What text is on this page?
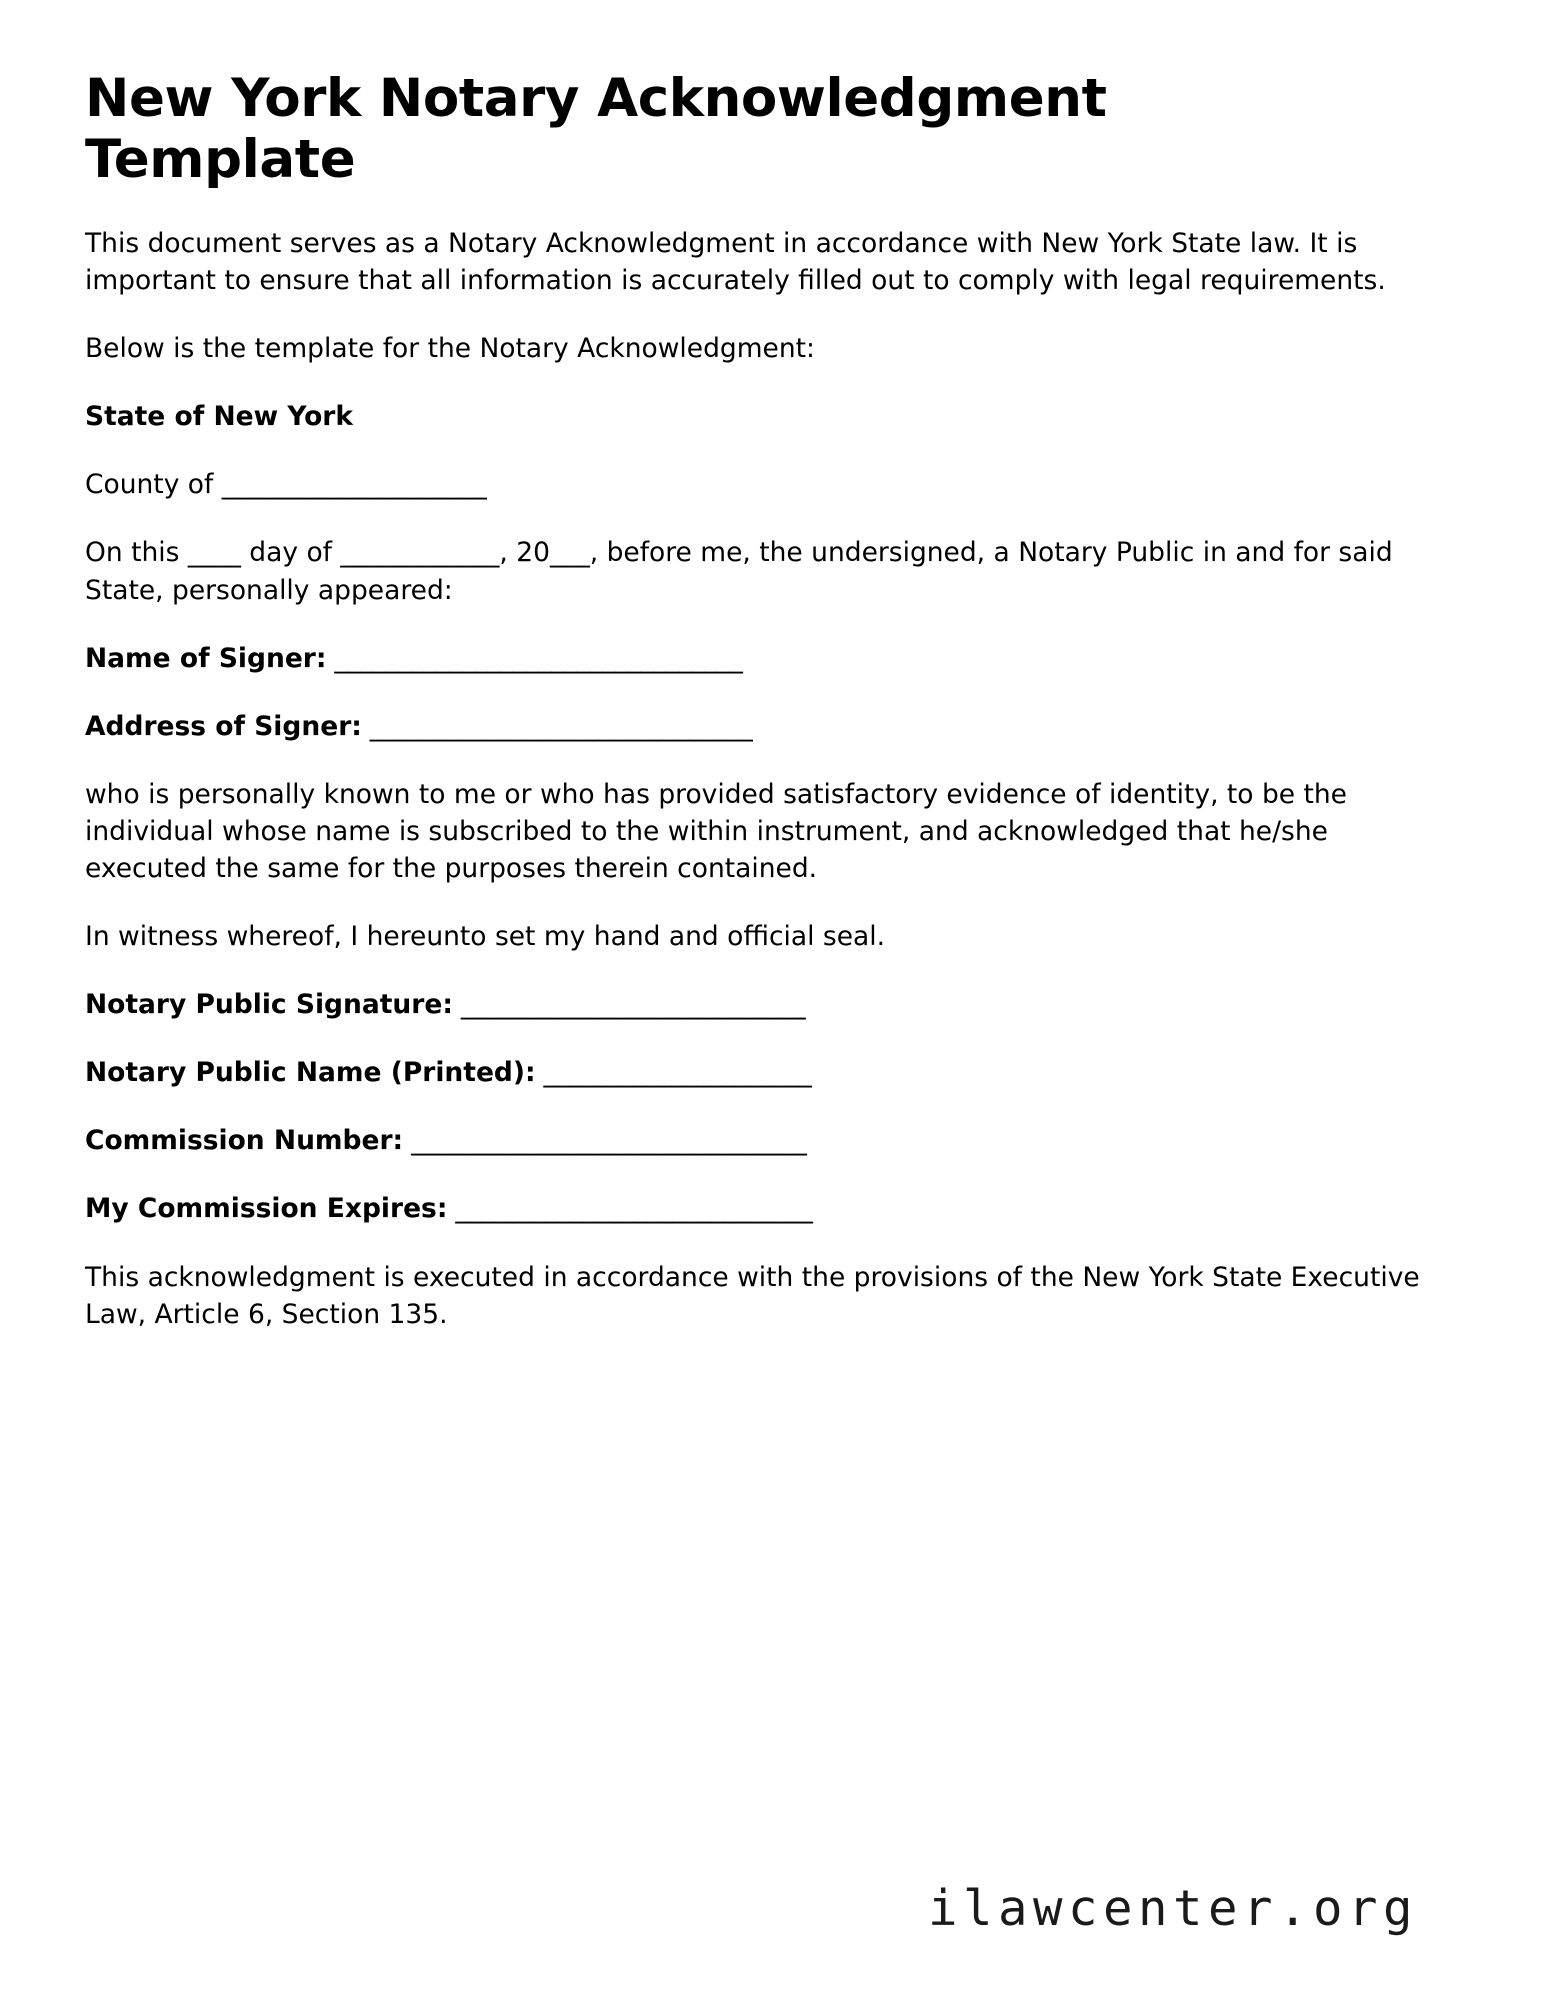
New York Notary Acknowledgment Template

This document serves as a Notary Acknowledgment in accordance with New York State law. It is important to ensure that all information is accurately filled out to comply with legal requirements.

Below is the template for the Notary Acknowledgment:

State of New York
County of ____________________

On this ____ day of ____________, 20___, before me, the undersigned, a Notary Public in and for said State, personally appeared:

Name of Signer: ________________________________
Address of Signer: ______________________________

who is personally known to me or who has provided satisfactory evidence of identity, to be the individual whose name is subscribed to the within instrument, and acknowledged that he/she executed the same for the purposes therein contained.

In witness whereof, I hereunto set my hand and official seal.

Notary Public Signature: ___________________________
Notary Public Name (Printed): _____________________
Commission Number: _______________________________
My Commission Expires: ____________________________

This acknowledgment is executed in accordance with the provisions of the New York State Executive Law, Article 6, Section 135.

ilawcenter.org
